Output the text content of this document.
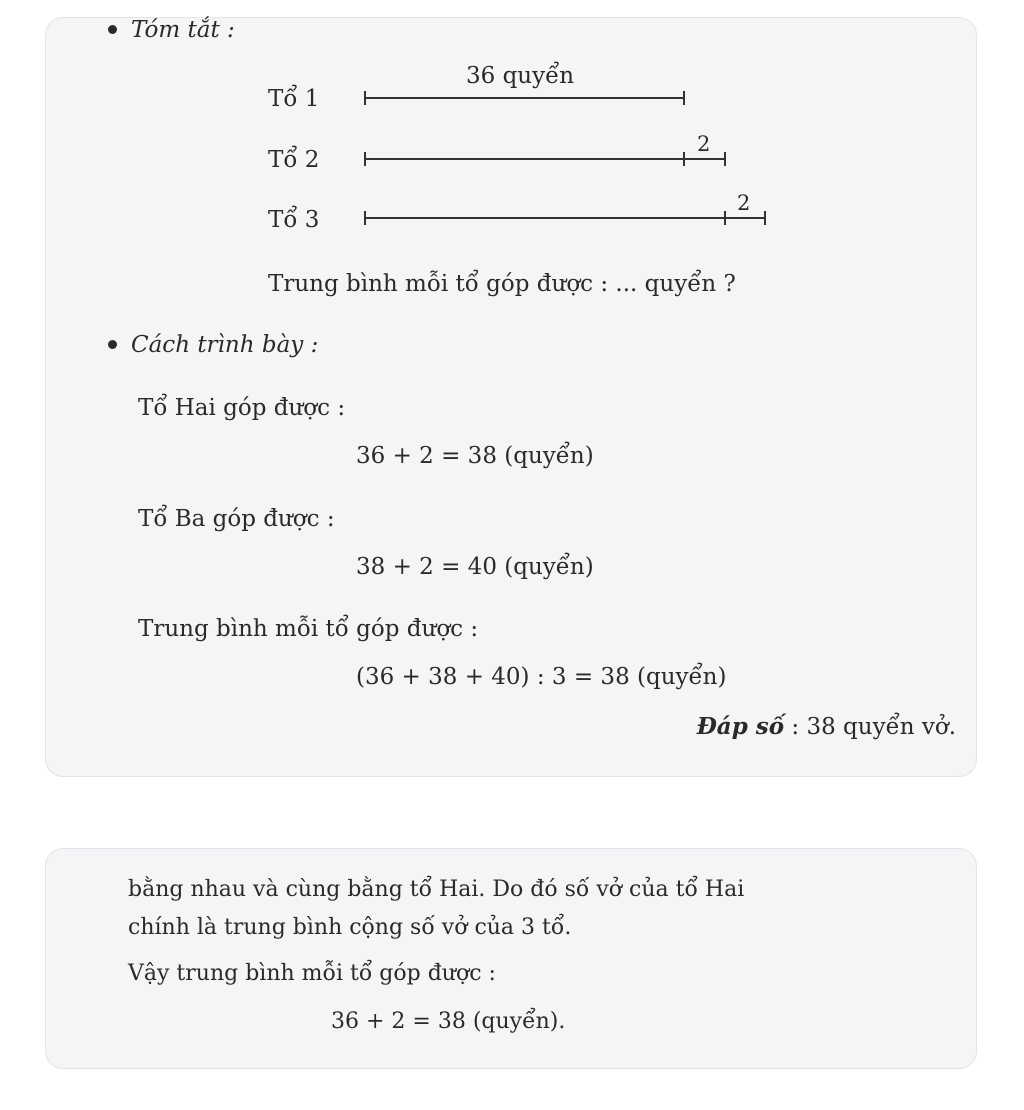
Tóm tắt :
Tổ 1
36 quyển
Tổ 2
2
Tổ 3
2
Trung bình mỗi tổ góp được : ... quyển ?
Cách trình bày :
Tổ Hai góp được :
36 + 2 = 38 (quyển)
Tổ Ba góp được :
38 + 2 = 40 (quyển)
Trung bình mỗi tổ góp được :
(36 + 38 + 40) : 3 = 38 (quyển)
Đáp số : 38 quyển vở.
bằng nhau và cùng bằng tổ Hai. Do đó số vở của tổ Hai
chính là trung bình cộng số vở của 3 tổ.
Vậy trung bình mỗi tổ góp được :
36 + 2 = 38 (quyển).
